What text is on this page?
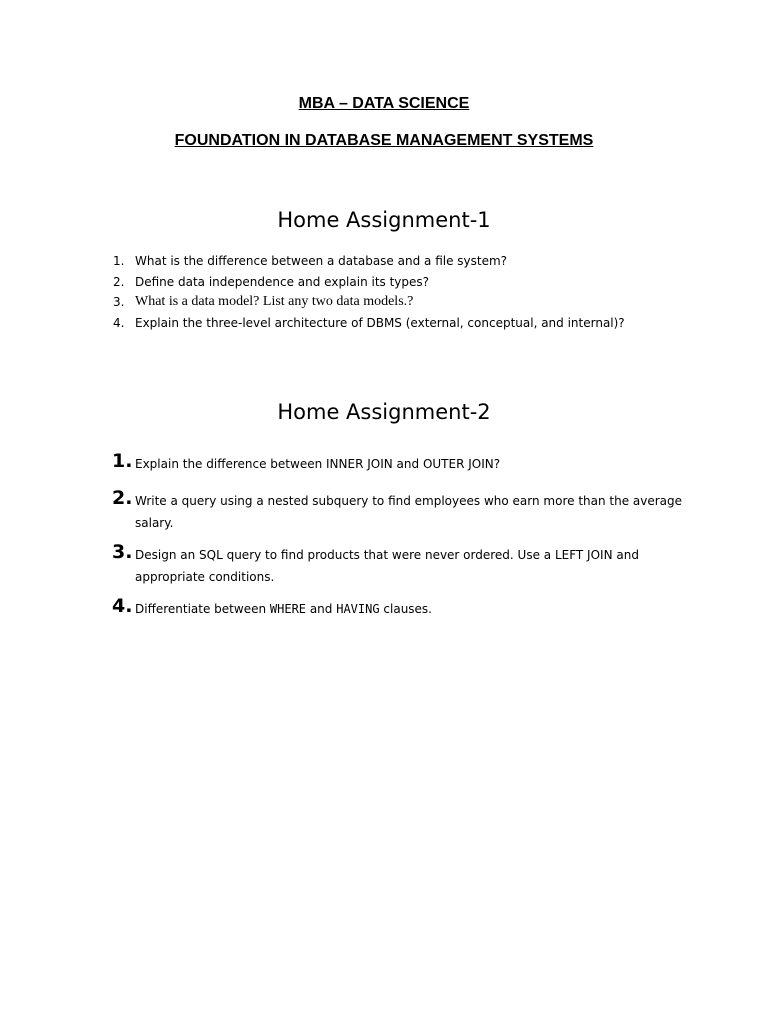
MBA – DATA SCIENCE
FOUNDATION IN DATABASE MANAGEMENT SYSTEMS
Home Assignment-1
1. What is the difference between a database and a file system?
2. Define data independence and explain its types?
3. What is a data model? List any two data models.?
4. Explain the three-level architecture of DBMS (external, conceptual, and internal)?
Home Assignment-2
1. Explain the difference between INNER JOIN and OUTER JOIN?
2. Write a query using a nested subquery to find employees who earn more than the average salary.
3. Design an SQL query to find products that were never ordered. Use a LEFT JOIN and appropriate conditions.
4. Differentiate between WHERE and HAVING clauses.
